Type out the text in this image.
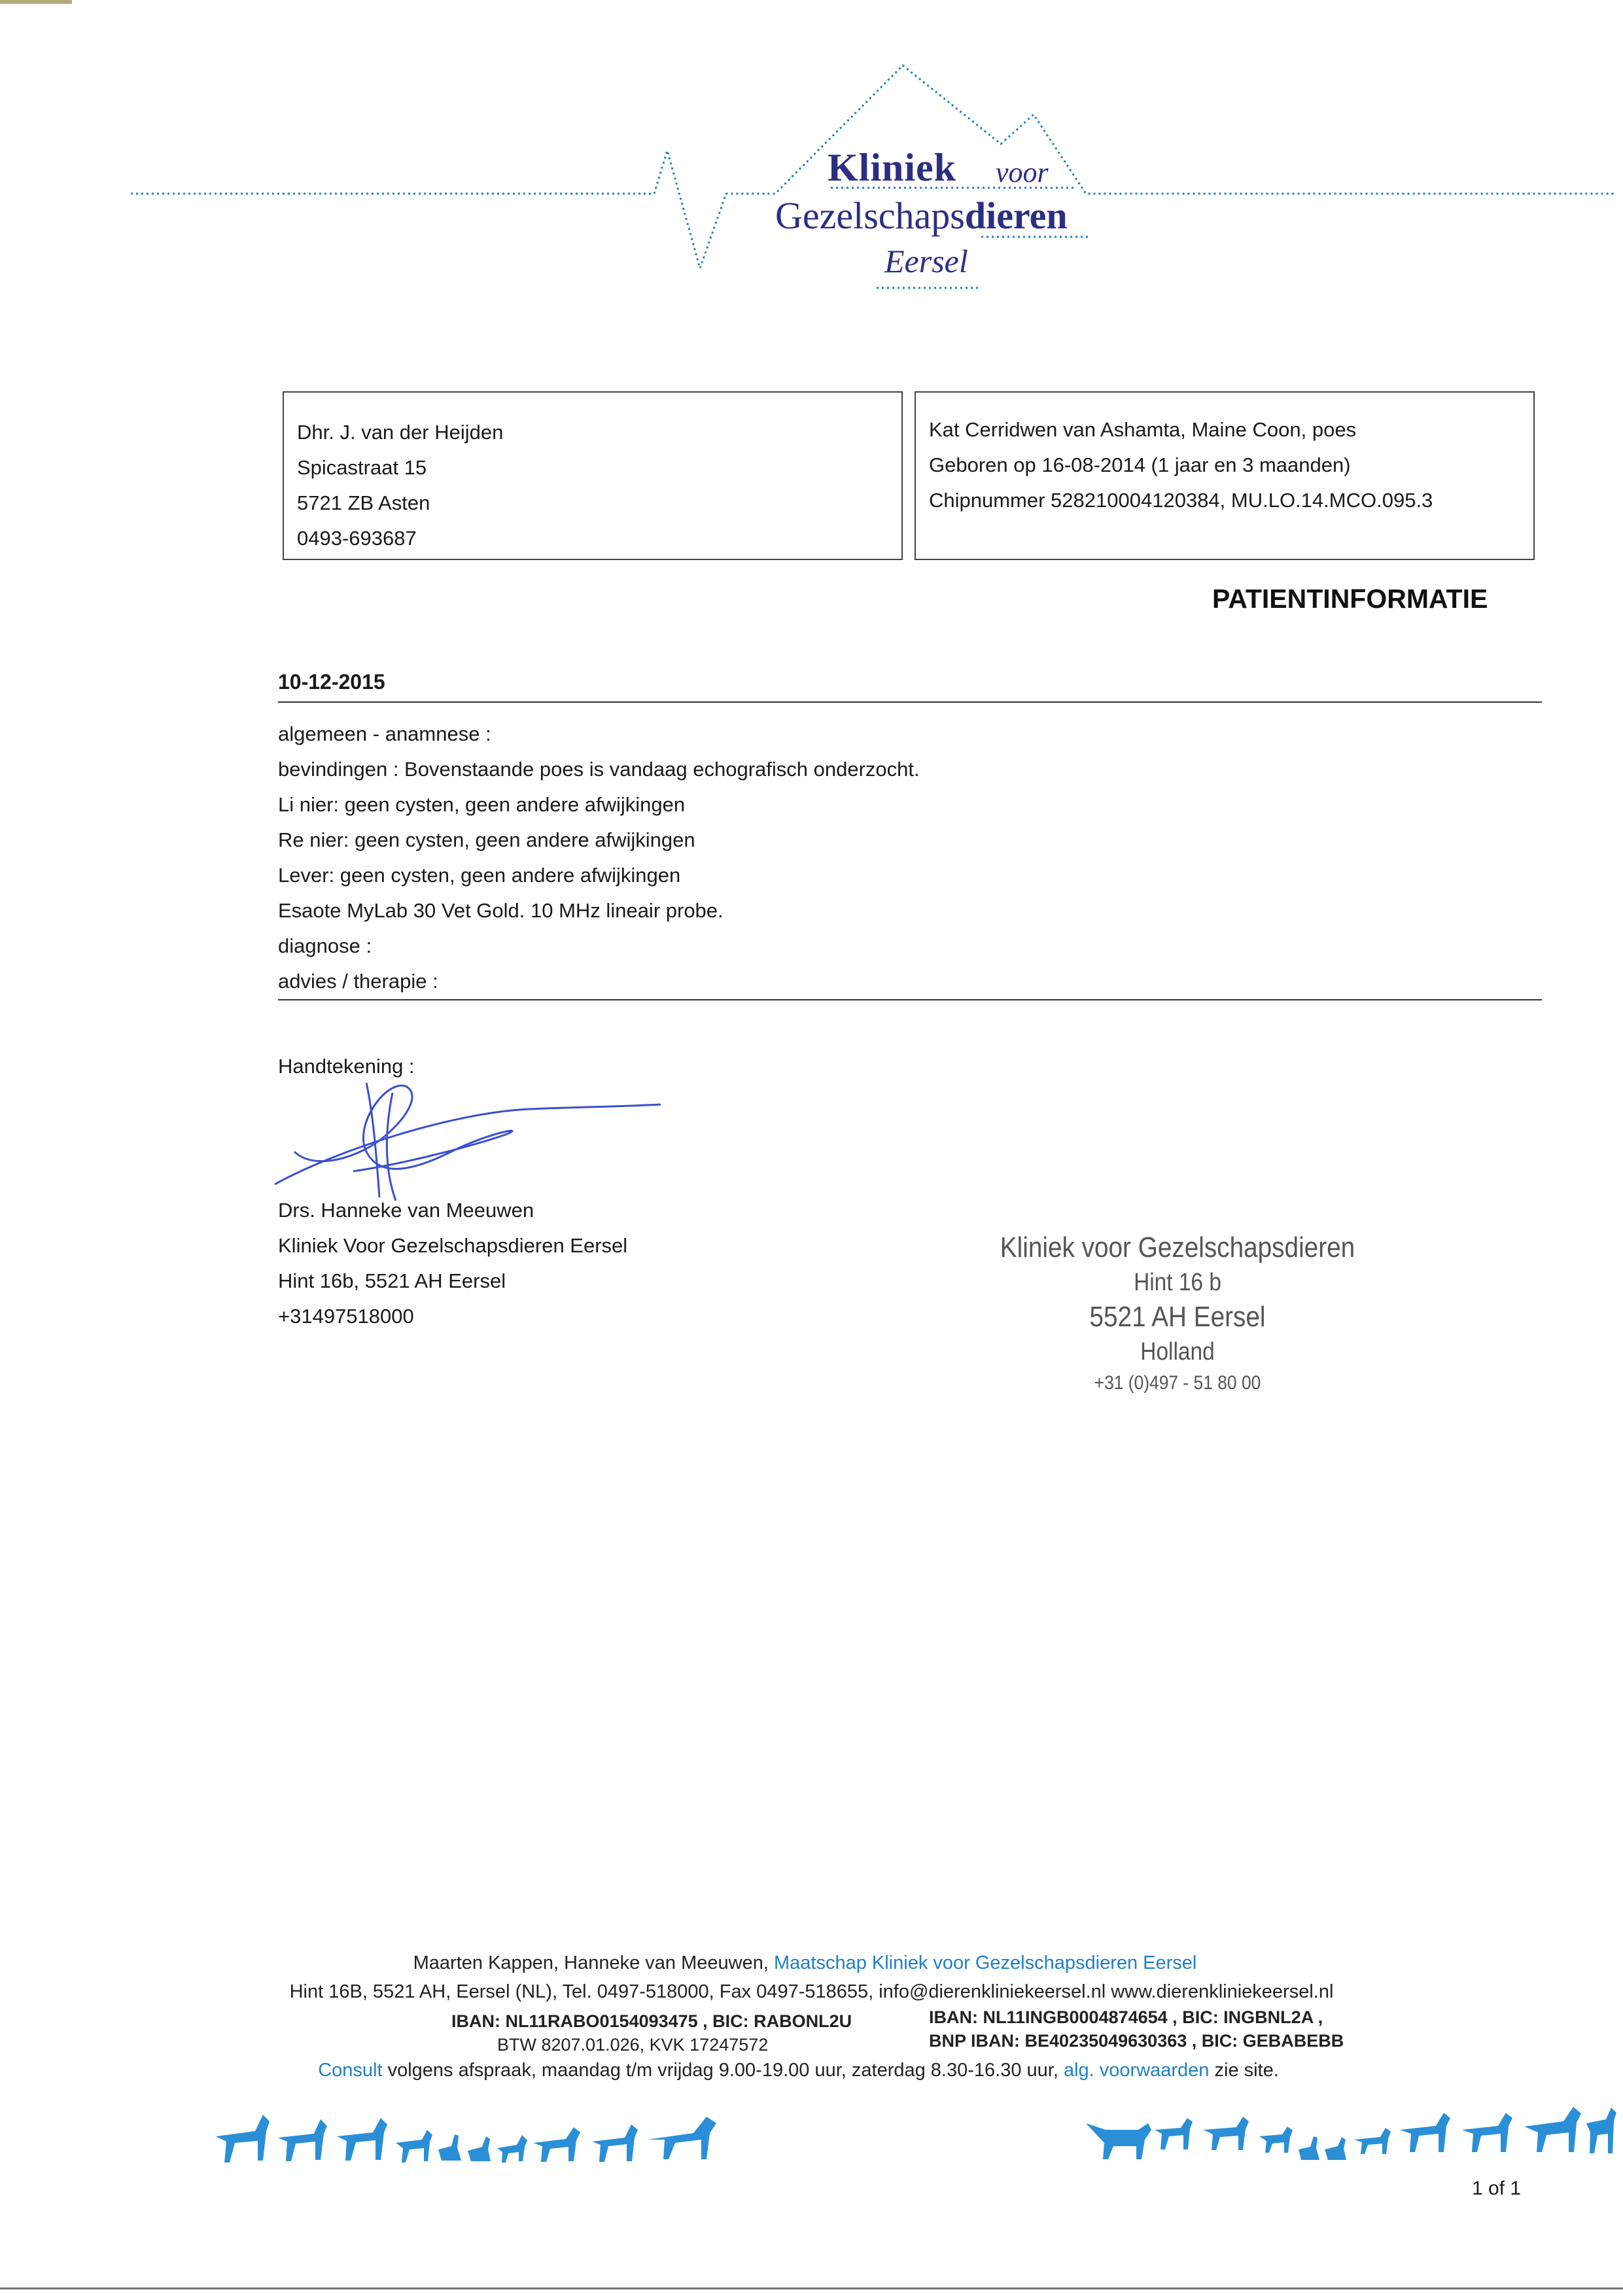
Kliniek voor
Gezelschapsdieren
Eersel
Dhr. J. van der Heijden
Spicastraat 15
5721 ZB Asten
0493-693687
Kat Cerridwen van Ashamta, Maine Coon, poes
Geboren op 16-08-2014 (1 jaar en 3 maanden)
Chipnummer 528210004120384, MU.LO.14.MCO.095.3
PATIENTINFORMATIE
10-12-2015
algemeen - anamnese :
bevindingen : Bovenstaande poes is vandaag echografisch onderzocht.
Li nier: geen cysten, geen andere afwijkingen
Re nier: geen cysten, geen andere afwijkingen
Lever: geen cysten, geen andere afwijkingen
Esaote MyLab 30 Vet Gold. 10 MHz lineair probe.
diagnose :
advies / therapie :
Handtekening :
Drs. Hanneke van Meeuwen
Kliniek Voor Gezelschapsdieren Eersel
Hint 16b, 5521 AH Eersel
+31497518000
Kliniek voor Gezelschapsdieren
Hint 16 b
5521 AH Eersel
Holland
+31 (0)497 - 51 80 00
Maarten Kappen, Hanneke van Meeuwen, Maatschap Kliniek voor Gezelschapsdieren Eersel
Hint 16B, 5521 AH, Eersel (NL), Tel. 0497-518000, Fax 0497-518655, info@dierenkliniekeersel.nl www.dierenkliniekeersel.nl
IBAN: NL11RABO0154093475 , BIC: RABONL2U	IBAN: NL11INGB0004874654 , BIC: INGBNL2A ,
BTW 8207.01.026, KVK 17247572	BNP IBAN: BE40235049630363 , BIC: GEBABEBB
Consult volgens afspraak, maandag t/m vrijdag 9.00-19.00 uur, zaterdag 8.30-16.30 uur, alg. voorwaarden zie site.
1 of 1
